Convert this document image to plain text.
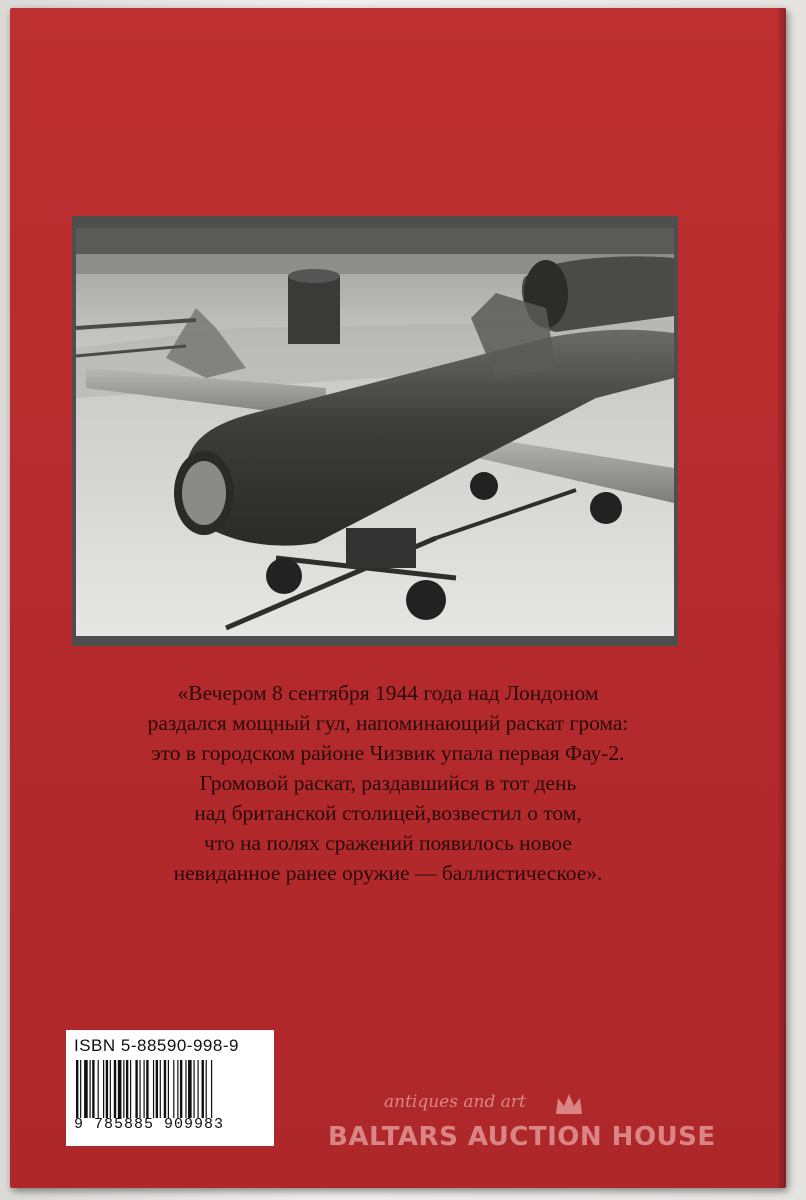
«Вечером 8 сентября 1944 года над Лондоном
раздался мощный гул, напоминающий раскат грома:
это в городском районе Чизвик упала первая Фау-2.
Громовой раскат, раздавшийся в тот день
над британской столицей,возвестил о том,
что на полях сражений появилось новое
невиданное ранее оружие — баллистическое».
ISBN 5-88590-998-9
9 785885 909983
antiques and art
BALTARS AUCTION HOUSE
